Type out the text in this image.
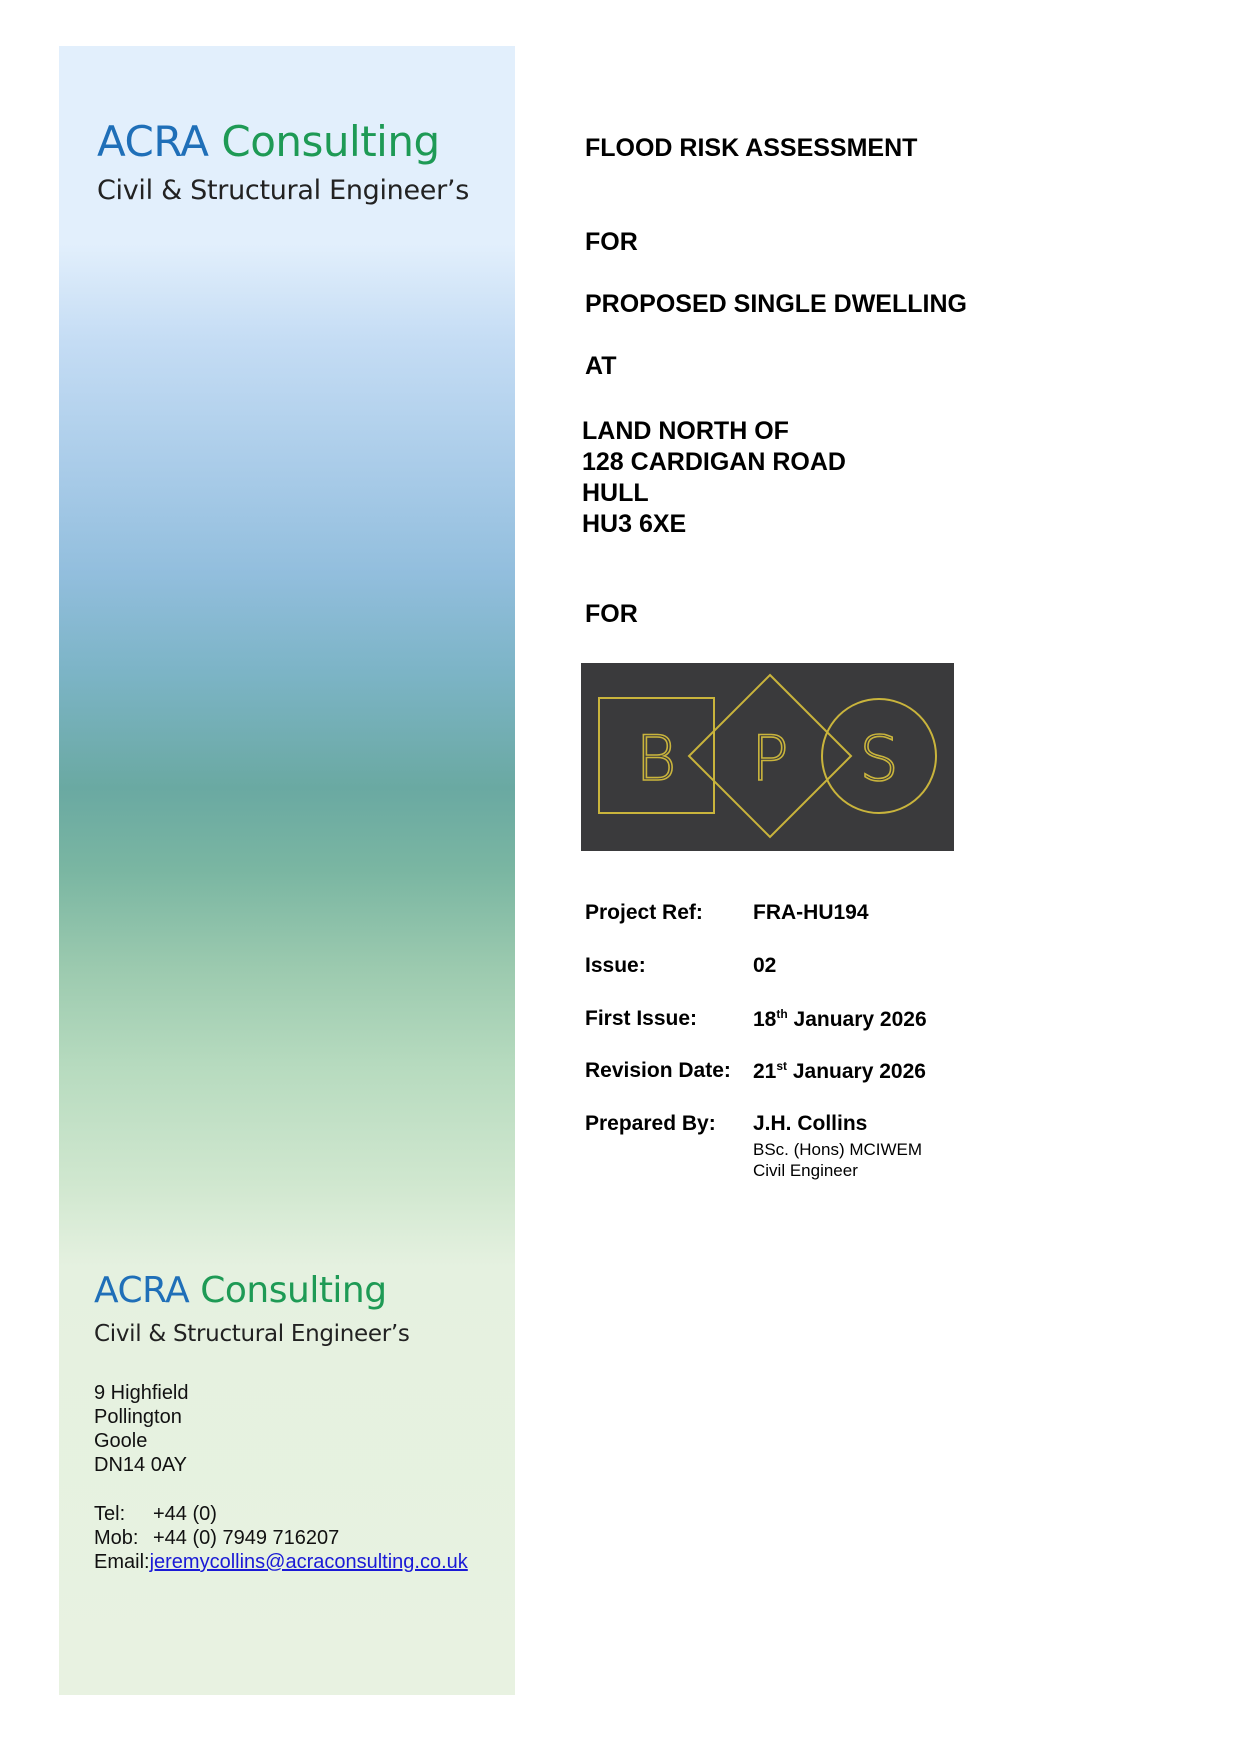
ACRA Consulting
Civil & Structural Engineer’s
ACRA Consulting
Civil & Structural Engineer’s
9 Highfield
Pollington
Goole
DN14 0AY
Tel:	+44 (0)
Mob: +44 (0) 7949 716207
Email: jeremycollins@acraconsulting.co.uk
FLOOD RISK ASSESSMENT
FOR
PROPOSED SINGLE DWELLING
AT
LAND NORTH OF
128 CARDIGAN ROAD
HULL
HU3 6XE
FOR
B P S
Project Ref: FRA-HU194
Issue:	02
First Issue:	18th January 2026
Revision Date: 21st January 2026
Prepared By: J.H. Collins
BSc. (Hons) MCIWEM
Civil Engineer
